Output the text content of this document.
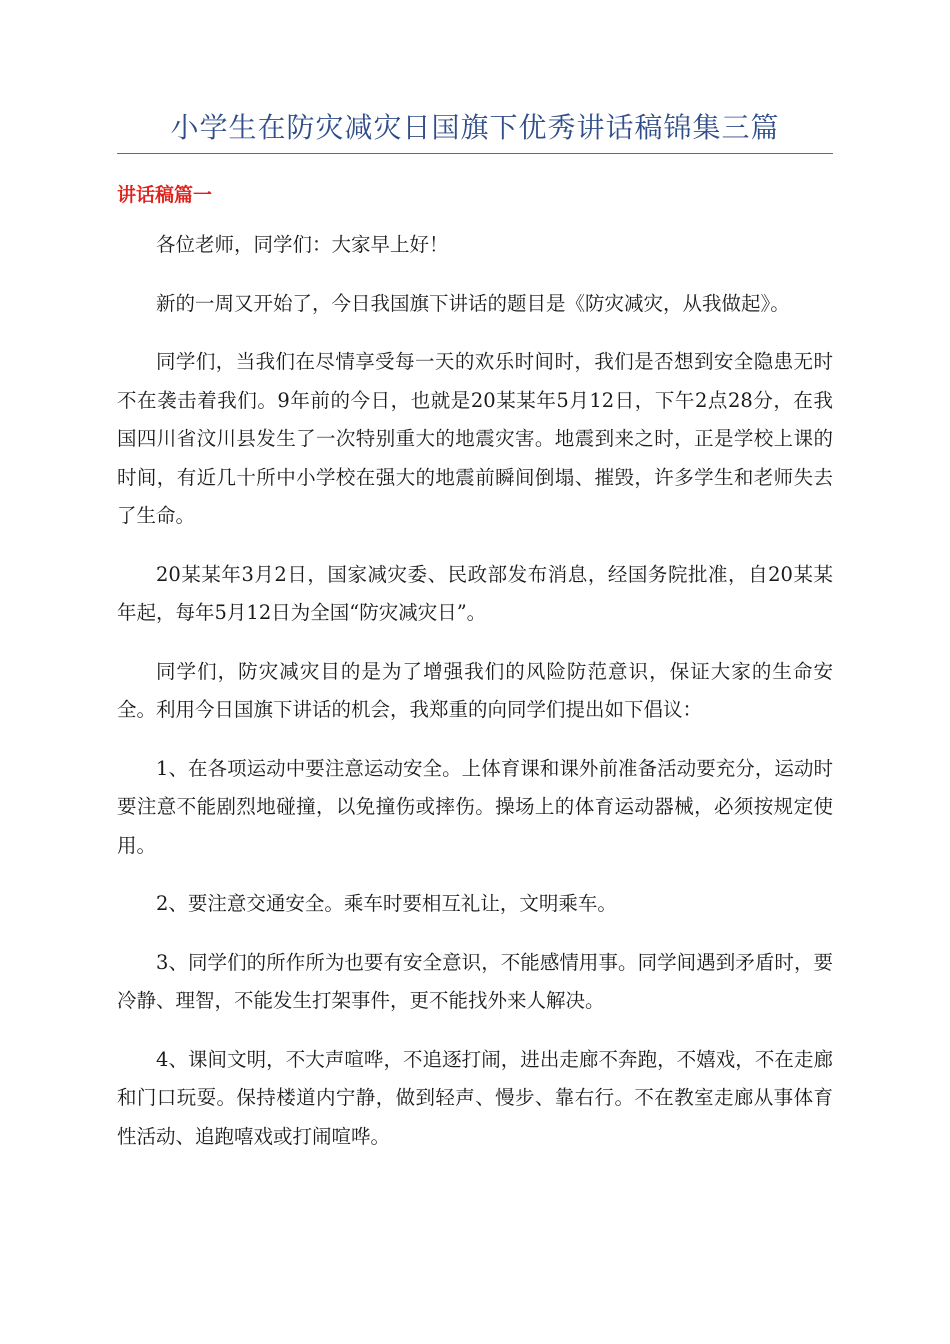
小学生在防灾减灾日国旗下优秀讲话稿锦集三篇
讲话稿篇一

各位老师，同学们：大家早上好！

新的一周又开始了，今日我国旗下讲话的题目是《防灾减灾，从我做起》。

同学们，当我们在尽情享受每一天的欢乐时间时，我们是否想到安全隐患无时不在袭击着我们。9年前的今日，也就是20某某年5月12日，下午2点28分，在我国四川省汶川县发生了一次特别重大的地震灾害。地震到来之时，正是学校上课的时间，有近几十所中小学校在强大的地震前瞬间倒塌、摧毁，许多学生和老师失去了生命。

20某某年3月2日，国家减灾委、民政部发布消息，经国务院批准，自20某某年起，每年5月12日为全国“防灾减灾日”。

同学们，防灾减灾目的是为了增强我们的风险防范意识，保证大家的生命安全。利用今日国旗下讲话的机会，我郑重的向同学们提出如下倡议：

1、在各项运动中要注意运动安全。上体育课和课外前准备活动要充分，运动时要注意不能剧烈地碰撞，以免撞伤或摔伤。操场上的体育运动器械，必须按规定使用。

2、要注意交通安全。乘车时要相互礼让，文明乘车。

3、同学们的所作所为也要有安全意识，不能感情用事。同学间遇到矛盾时，要冷静、理智，不能发生打架事件，更不能找外来人解决。

4、课间文明，不大声喧哗，不追逐打闹，进出走廊不奔跑，不嬉戏，不在走廊和门口玩耍。保持楼道内宁静，做到轻声、慢步、靠右行。不在教室走廊从事体育性活动、追跑嘻戏或打闹喧哗。
